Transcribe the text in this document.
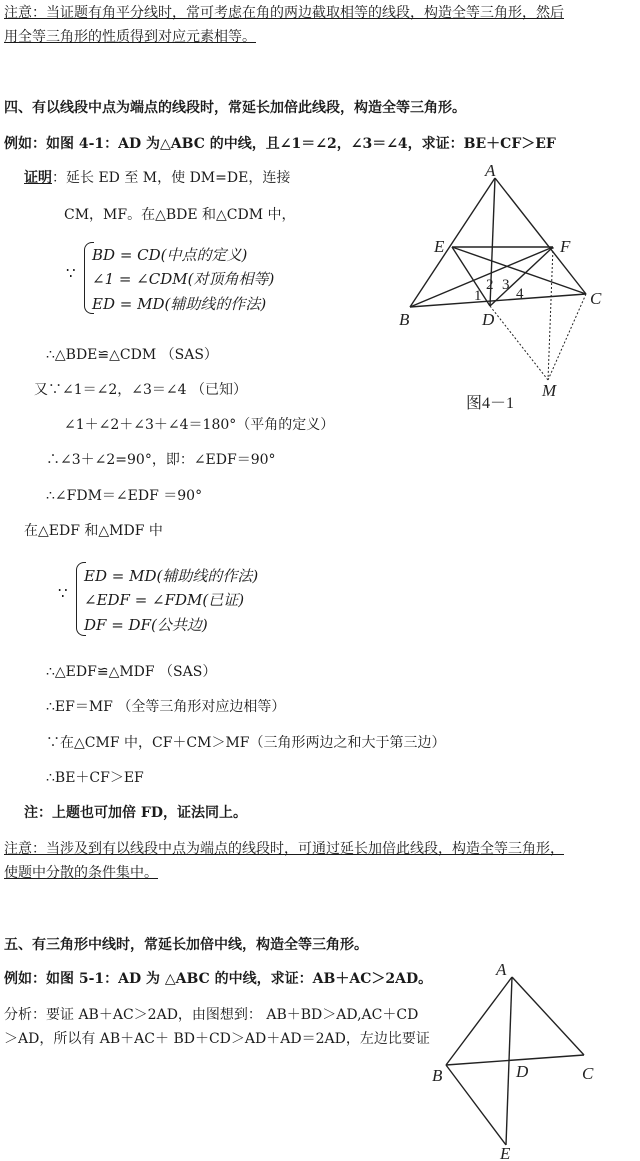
注意：当证题有角平分线时，常可考虑在角的两边截取相等的线段，构造全等三角形，然后
用全等三角形的性质得到对应元素相等。
四、有以线段中点为端点的线段时，常延长加倍此线段，构造全等三角形。
例如：如图 4-1：AD 为△ABC 的中线，且∠1＝∠2，∠3＝∠4，求证：BE＋CF＞EF
证明：延长 ED 至 M，使 DM=DE，连接
CM，MF。在△BDE 和△CDM 中，
∵
BD = CD(中点的定义)
∠1 = ∠CDM(对顶角相等)
ED = MD(辅助线的作法)
∴△BDE≌△CDM （SAS）
又∵∠1＝∠2，∠3＝∠4 （已知）
∠1＋∠2＋∠3＋∠4＝180°（平角的定义）
∴∠3＋∠2=90°，即：∠EDF＝90°
∴∠FDM＝∠EDF ＝90°
在△EDF 和△MDF 中
∵
ED = MD(辅助线的作法)
∠EDF = ∠FDM(已证)
DF = DF(公共边)
∴△EDF≌△MDF （SAS）
∴EF＝MF （全等三角形对应边相等）
∵在△CMF 中，CF＋CM＞MF（三角形两边之和大于第三边）
∴BE＋CF＞EF
注：上题也可加倍 FD，证法同上。
注意：当涉及到有以线段中点为端点的线段时，可通过延长加倍此线段，构造全等三角形，
使题中分散的条件集中。
A
E	F
B
C
D
M
1
2 3
4
图4－1
五、有三角形中线时，常延长加倍中线，构造全等三角形。
例如：如图 5-1：AD 为 △ABC 的中线，求证：AB＋AC＞2AD。
分析：要证 AB＋AC＞2AD，由图想到： AB＋BD＞AD,AC＋CD
＞AD，所以有 AB＋AC＋ BD＋CD＞AD＋AD＝2AD，左边比要证
A
B	C
D
E
